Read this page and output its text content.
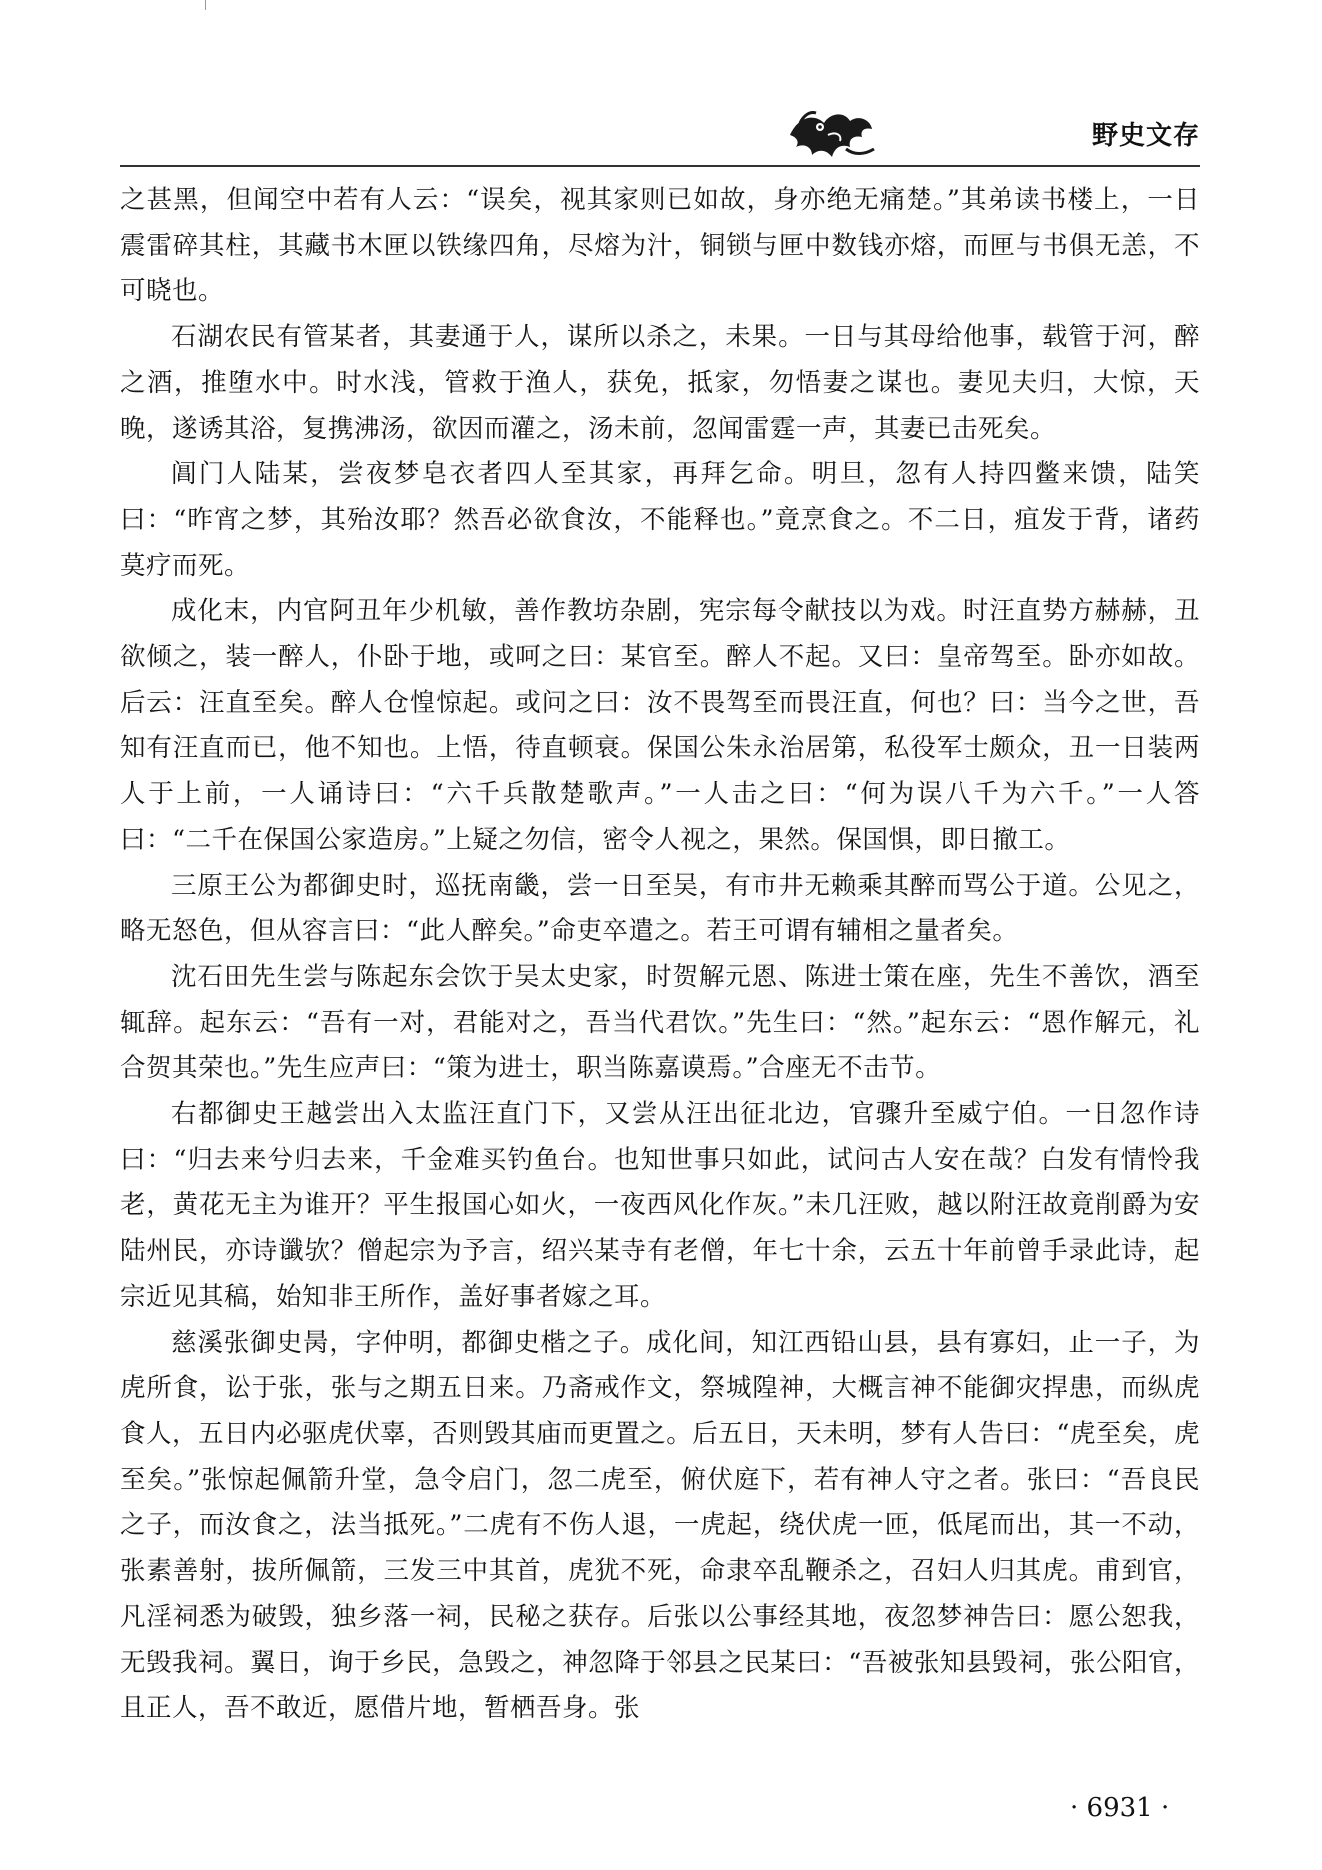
野史文存

之甚黑，但闻空中若有人云：“误矣，视其家则已如故，身亦绝无痛楚。”其弟读书楼上，一日震雷碎其柱，其藏书木匣以铁缘四角，尽熔为汁，铜锁与匣中数钱亦熔，而匣与书俱无恙，不可晓也。

石湖农民有管某者，其妻通于人，谋所以杀之，未果。一日与其母给他事，载管于河，醉之酒，推堕水中。时水浅，管救于渔人，获免，抵家，勿悟妻之谋也。妻见夫归，大惊，天晚，遂诱其浴，复携沸汤，欲因而灌之，汤未前，忽闻雷霆一声，其妻已击死矣。

阊门人陆某，尝夜梦皂衣者四人至其家，再拜乞命。明旦，忽有人持四鳖来馈，陆笑曰：“昨宵之梦，其殆汝耶？然吾必欲食汝，不能释也。”竟烹食之。不二日，疽发于背，诸药莫疗而死。

成化末，内官阿丑年少机敏，善作教坊杂剧，宪宗每令献技以为戏。时汪直势方赫赫，丑欲倾之，装一醉人，仆卧于地，或呵之曰：某官至。醉人不起。又曰：皇帝驾至。卧亦如故。后云：汪直至矣。醉人仓惶惊起。或问之曰：汝不畏驾至而畏汪直，何也？曰：当今之世，吾知有汪直而已，他不知也。上悟，待直顿衰。保国公朱永治居第，私役军士颇众，丑一日装两人于上前，一人诵诗曰：“六千兵散楚歌声。”一人击之曰：“何为误八千为六千。”一人答曰：“二千在保国公家造房。”上疑之勿信，密令人视之，果然。保国惧，即日撤工。

三原王公为都御史时，巡抚南畿，尝一日至吴，有市井无赖乘其醉而骂公于道。公见之，略无怒色，但从容言曰：“此人醉矣。”命吏卒遣之。若王可谓有辅相之量者矣。

沈石田先生尝与陈起东会饮于吴太史家，时贺解元恩、陈进士策在座，先生不善饮，酒至辄辞。起东云：“吾有一对，君能对之，吾当代君饮。”先生曰：“然。”起东云：“恩作解元，礼合贺其荣也。”先生应声曰：“策为进士，职当陈嘉谟焉。”合座无不击节。

右都御史王越尝出入太监汪直门下，又尝从汪出征北边，官骤升至威宁伯。一日忽作诗曰：“归去来兮归去来，千金难买钓鱼台。也知世事只如此，试问古人安在哉？白发有情怜我老，黄花无主为谁开？平生报国心如火，一夜西风化作灰。”未几汪败，越以附汪故竟削爵为安陆州民，亦诗谶欤？僧起宗为予言，绍兴某寺有老僧，年七十余，云五十年前曾手录此诗，起宗近见其稿，始知非王所作，盖好事者嫁之耳。

慈溪张御史昺，字仲明，都御史楷之子。成化间，知江西铅山县，县有寡妇，止一子，为虎所食，讼于张，张与之期五日来。乃斋戒作文，祭城隍神，大概言神不能御灾捍患，而纵虎食人，五日内必驱虎伏辜，否则毁其庙而更置之。后五日，天未明，梦有人告曰：“虎至矣，虎至矣。”张惊起佩箭升堂，急令启门，忽二虎至，俯伏庭下，若有神人守之者。张曰：“吾良民之子，而汝食之，法当抵死。”二虎有不伤人退，一虎起，绕伏虎一匝，低尾而出，其一不动，张素善射，拔所佩箭，三发三中其首，虎犹不死，命隶卒乱鞭杀之，召妇人归其虎。甫到官，凡淫祠悉为破毁，独乡落一祠，民秘之获存。后张以公事经其地，夜忽梦神告曰：愿公恕我，无毁我祠。翼日，询于乡民，急毁之，神忽降于邻县之民某曰：“吾被张知县毁祠，张公阳官，且正人，吾不敢近，愿借片地，暂栖吾身。张

· 6931 ·
